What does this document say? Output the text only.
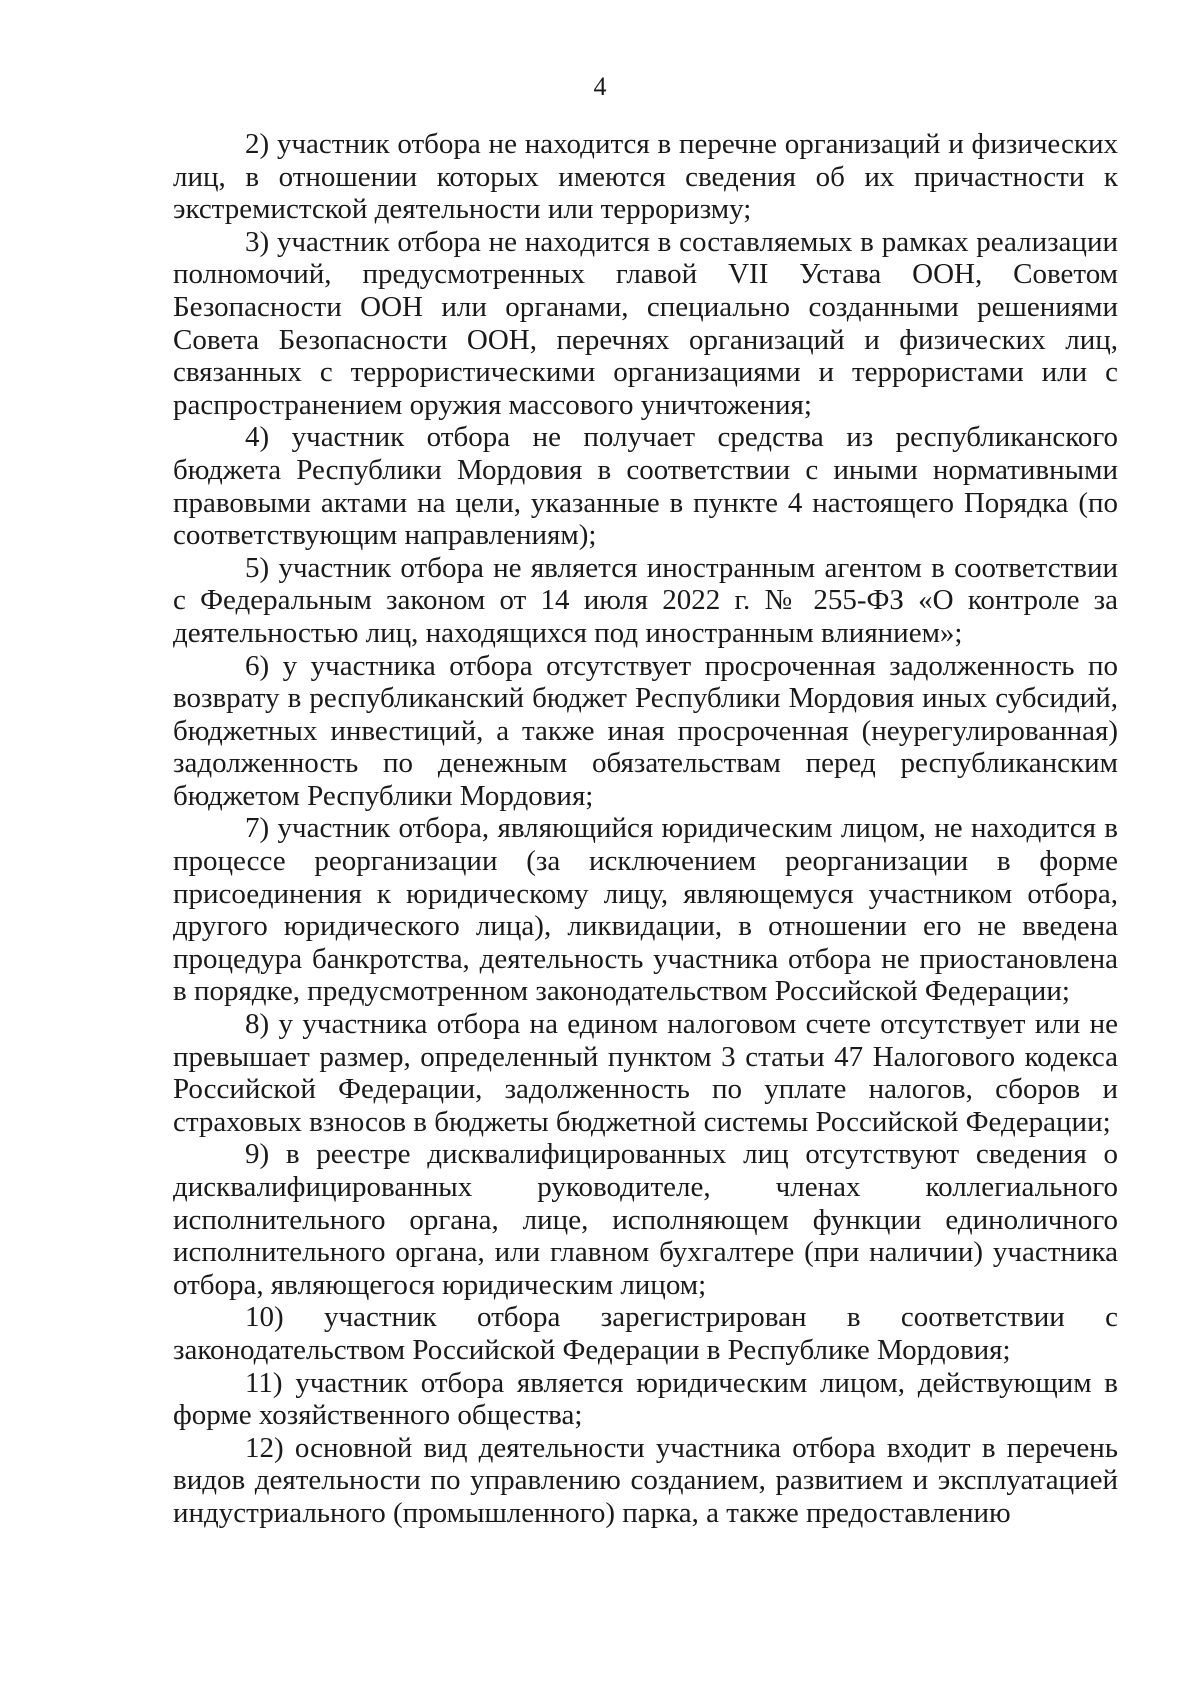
4

2) участник отбора не находится в перечне организаций и физических лиц, в отношении которых имеются сведения об их причастности к экстремистской деятельности или терроризму;

3) участник отбора не находится в составляемых в рамках реализации полномочий, предусмотренных главой VII Устава ООН, Советом Безопасности ООН или органами, специально созданными решениями Совета Безопасности ООН, перечнях организаций и физических лиц, связанных с террористическими организациями и террористами или с распространением оружия массового уничтожения;

4) участник отбора не получает средства из республиканского бюджета Республики Мордовия в соответствии с иными нормативными правовыми актами на цели, указанные в пункте 4 настоящего Порядка (по соответствующим направлениям);

5) участник отбора не является иностранным агентом в соответствии с Федеральным законом от 14 июля 2022 г. № 255-ФЗ «О контроле за деятельностью лиц, находящихся под иностранным влиянием»;

6) у участника отбора отсутствует просроченная задолженность по возврату в республиканский бюджет Республики Мордовия иных субсидий, бюджетных инвестиций, а также иная просроченная (неурегулированная) задолженность по денежным обязательствам перед республиканским бюджетом Республики Мордовия;

7) участник отбора, являющийся юридическим лицом, не находится в процессе реорганизации (за исключением реорганизации в форме присоединения к юридическому лицу, являющемуся участником отбора, другого юридического лица), ликвидации, в отношении его не введена процедура банкротства, деятельность участника отбора не приостановлена в порядке, предусмотренном законодательством Российской Федерации;

8) у участника отбора на едином налоговом счете отсутствует или не превышает размер, определенный пунктом 3 статьи 47 Налогового кодекса Российской Федерации, задолженность по уплате налогов, сборов и страховых взносов в бюджеты бюджетной системы Российской Федерации;

9) в реестре дисквалифицированных лиц отсутствуют сведения о дисквалифицированных руководителе, членах коллегиального исполнительного органа, лице, исполняющем функции единоличного исполнительного органа, или главном бухгалтере (при наличии) участника отбора, являющегося юридическим лицом;

10) участник отбора зарегистрирован в соответствии с законодательством Российской Федерации в Республике Мордовия;

11) участник отбора является юридическим лицом, действующим в форме хозяйственного общества;

12) основной вид деятельности участника отбора входит в перечень видов деятельности по управлению созданием, развитием и эксплуатацией индустриального (промышленного) парка, а также предоставлению
